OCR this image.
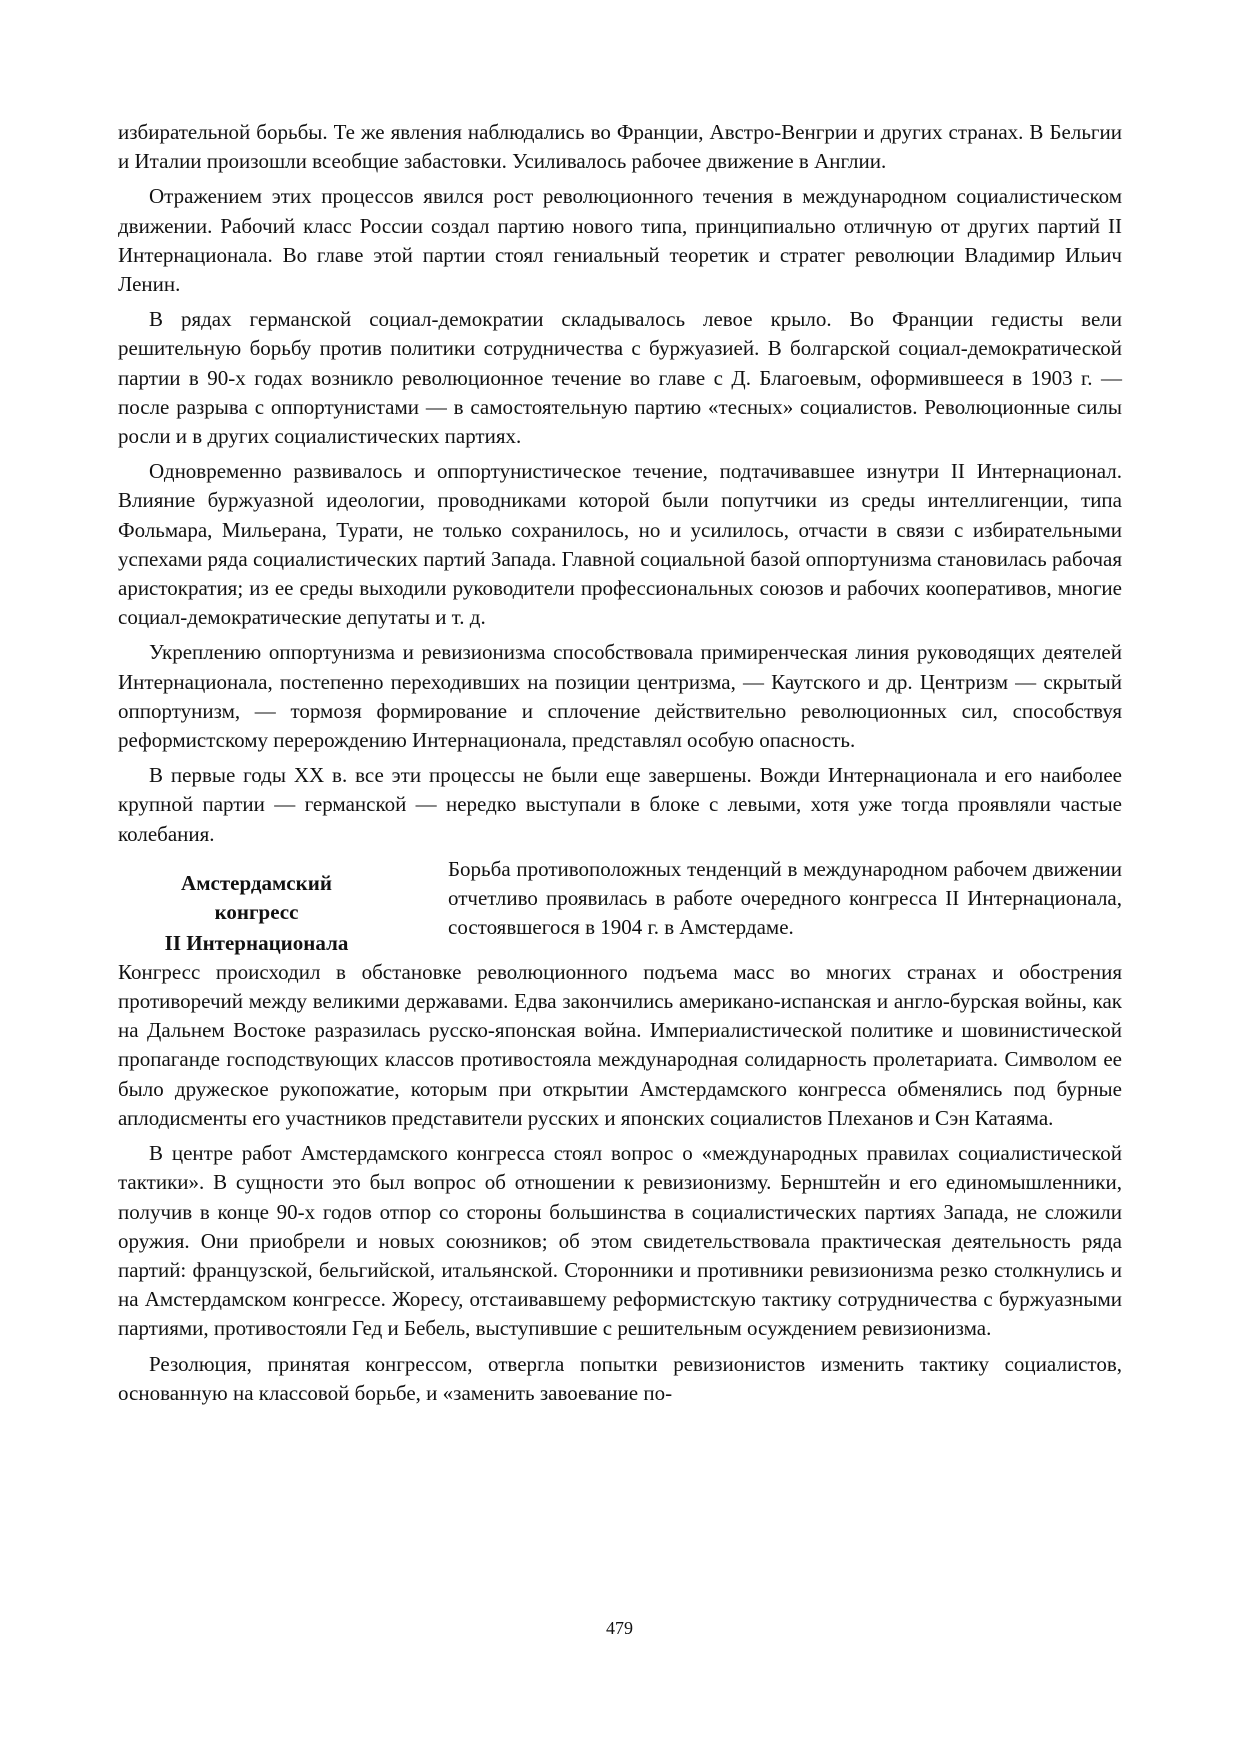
избирательной борьбы. Те же явления наблюдались во Франции, Австро-Венгрии и других странах. В Бельгии и Италии произошли всеобщие забастовки. Усиливалось рабочее движение в Англии.

Отражением этих процессов явился рост революционного течения в международном социалистическом движении. Рабочий класс России создал партию нового типа, принципиально отличную от других партий II Интернационала. Во главе этой партии стоял гениальный теоретик и стратег революции Владимир Ильич Ленин.

В рядах германской социал-демократии складывалось левое крыло. Во Франции гедисты вели решительную борьбу против политики сотрудничества с буржуазией. В болгарской социал-демократической партии в 90-х годах возникло революционное течение во главе с Д. Благоевым, оформившееся в 1903 г. — после разрыва с оппортунистами — в самостоятельную партию «тесных» социалистов. Революционные силы росли и в других социалистических партиях.

Одновременно развивалось и оппортунистическое течение, подтачивавшее изнутри II Интернационал. Влияние буржуазной идеологии, проводниками которой были попутчики из среды интеллигенции, типа Фольмара, Мильерана, Турати, не только сохранилось, но и усилилось, отчасти в связи с избирательными успехами ряда социалистических партий Запада. Главной социальной базой оппортунизма становилась рабочая аристократия; из ее среды выходили руководители профессиональных союзов и рабочих кооперативов, многие социал-демократические депутаты и т. д.

Укреплению оппортунизма и ревизионизма способствовала примиренческая линия руководящих деятелей Интернационала, постепенно переходивших на позиции центризма, — Каутского и др. Центризм — скрытый оппортунизм, — тормозя формирование и сплочение действительно революционных сил, способствуя реформистскому перерождению Интернационала, представлял особую опасность.

В первые годы XX в. все эти процессы не были еще завершены. Вожди Интернационала и его наиболее крупной партии — германской — нередко выступали в блоке с левыми, хотя уже тогда проявляли частые колебания.

Амстердамский
конгресс
II Интернационала

Борьба противоположных тенденций в международном рабочем движении отчетливо проявилась в работе очередного конгресса II Интернационала, состоявшегося в 1904 г. в Амстердаме.

Конгресс происходил в обстановке революционного подъема масс во многих странах и обострения противоречий между великими державами. Едва закончились американо-испанская и англо-бурская войны, как на Дальнем Востоке разразилась русско-японская война. Империалистической политике и шовинистической пропаганде господствующих классов противостояла международная солидарность пролетариата. Символом ее было дружеское рукопожатие, которым при открытии Амстердамского конгресса обменялись под бурные аплодисменты его участников представители русских и японских социалистов Плеханов и Сэн Катаяма.

В центре работ Амстердамского конгресса стоял вопрос о «международных правилах социалистической тактики». В сущности это был вопрос об отношении к ревизионизму. Бернштейн и его единомышленники, получив в конце 90-х годов отпор со стороны большинства в социалистических партиях Запада, не сложили оружия. Они приобрели и новых союзников; об этом свидетельствовала практическая деятельность ряда партий: французской, бельгийской, итальянской. Сторонники и противники ревизионизма резко столкнулись и на Амстердамском конгрессе. Жоресу, отстаивавшему реформистскую тактику сотрудничества с буржуазными партиями, противостояли Гед и Бебель, выступившие с решительным осуждением ревизионизма.

Резолюция, принятая конгрессом, отвергла попытки ревизионистов изменить тактику социалистов, основанную на классовой борьбе, и «заменить завоевание по-

479
